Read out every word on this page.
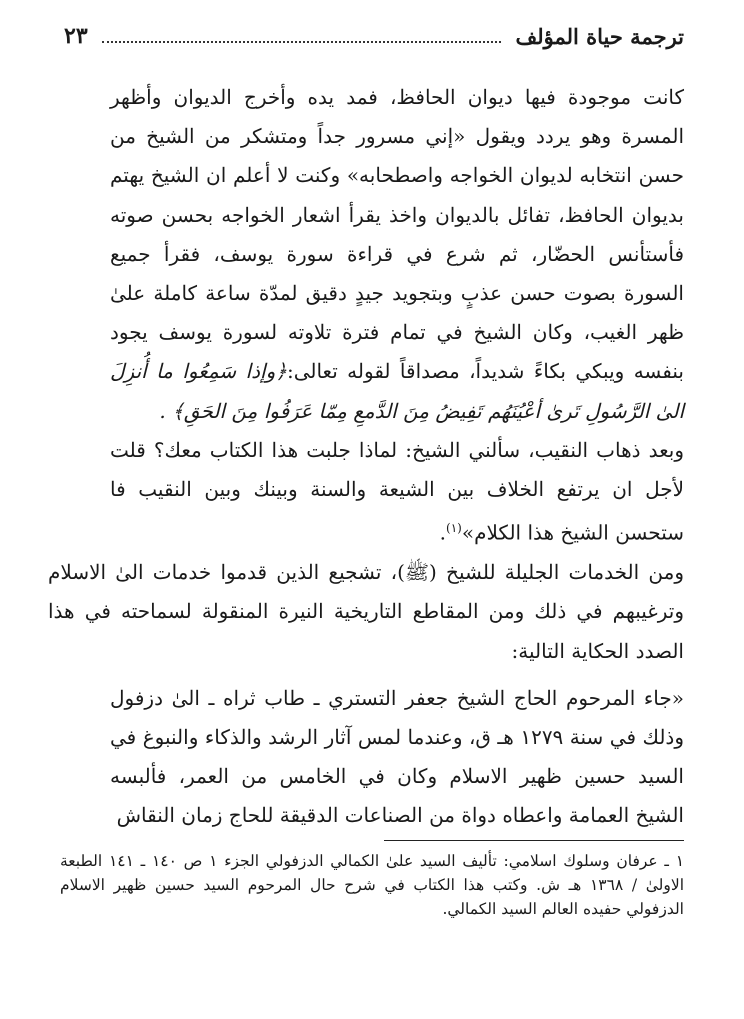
ترجمة حياة المؤلف
٢٣

كانت موجودة فيها ديوان الحافظ، فمد يده وأخرج الديوان وأظهر المسرة وهو يردد ويقول «إني مسرور جداً ومتشكر من الشيخ من حسن انتخابه لديوان الخواجه واصطحابه» وكنت لا أعلم ان الشيخ يهتم بديوان الحافظ، تفائل بالديوان واخذ يقرأ اشعار الخواجه بحسن صوته فأستأنس الحضّار، ثم شرع في قراءة سورة يوسف، فقرأ جميع السورة بصوت حسن عذبٍ وبتجويد جيدٍ دقيق لمدّة ساعة كاملة علىٰ ظهر الغيب، وكان الشيخ في تمام فترة تلاوته لسورة يوسف يجود بنفسه ويبكي بكاءً شديداً، مصداقاً لقوله تعالى:﴿وإذا سَمِعُوا ما أُنزِلَ الىٰ الرَّسُولِ تَرىٰ أعْيُنَهُم تَفِيضُ مِنَ الدَّمعِ مِمّا عَرَفُوا مِنَ الحَقِ﴾ .

وبعد ذهاب النقيب، سألني الشيخ: لماذا جلبت هذا الكتاب معك؟ قلت لأجل ان يرتفع الخلاف بين الشيعة والسنة وبينك وبين النقيب فا ستحسن الشيخ هذا الكلام»$^{(١)}$.

ومن الخدمات الجليلة للشيخ (ﷺ)، تشجيع الذين قدموا خدمات الىٰ الاسلام وترغيبهم في ذلك ومن المقاطع التاريخية النيرة المنقولة لسماحته في هذا الصدد الحكاية التالية:

«جاء المرحوم الحاج الشيخ جعفر التستري ـ طاب ثراه ـ الىٰ دزفول وذلك في سنة ١٢٧٩ هـ ق، وعندما لمس آثار الرشد والذكاء والنبوغ في السيد حسين ظهير الاسلام وكان في الخامس من العمر، فألبسه الشيخ العمامة واعطاه دواة من الصناعات الدقيقة للحاج زمان النقاش

١ ـ عرفان وسلوك اسلامي: تأليف السيد علىٰ الكمالي الدزفولي الجزء ١ ص ١٤٠ ـ ١٤١ الطبعة الاولىٰ / ١٣٦٨ هـ ش. وكتب هذا الكتاب في شرح حال المرحوم السيد حسين ظهير الاسلام الدزفولي حفيده العالم السيد الكمالي.
